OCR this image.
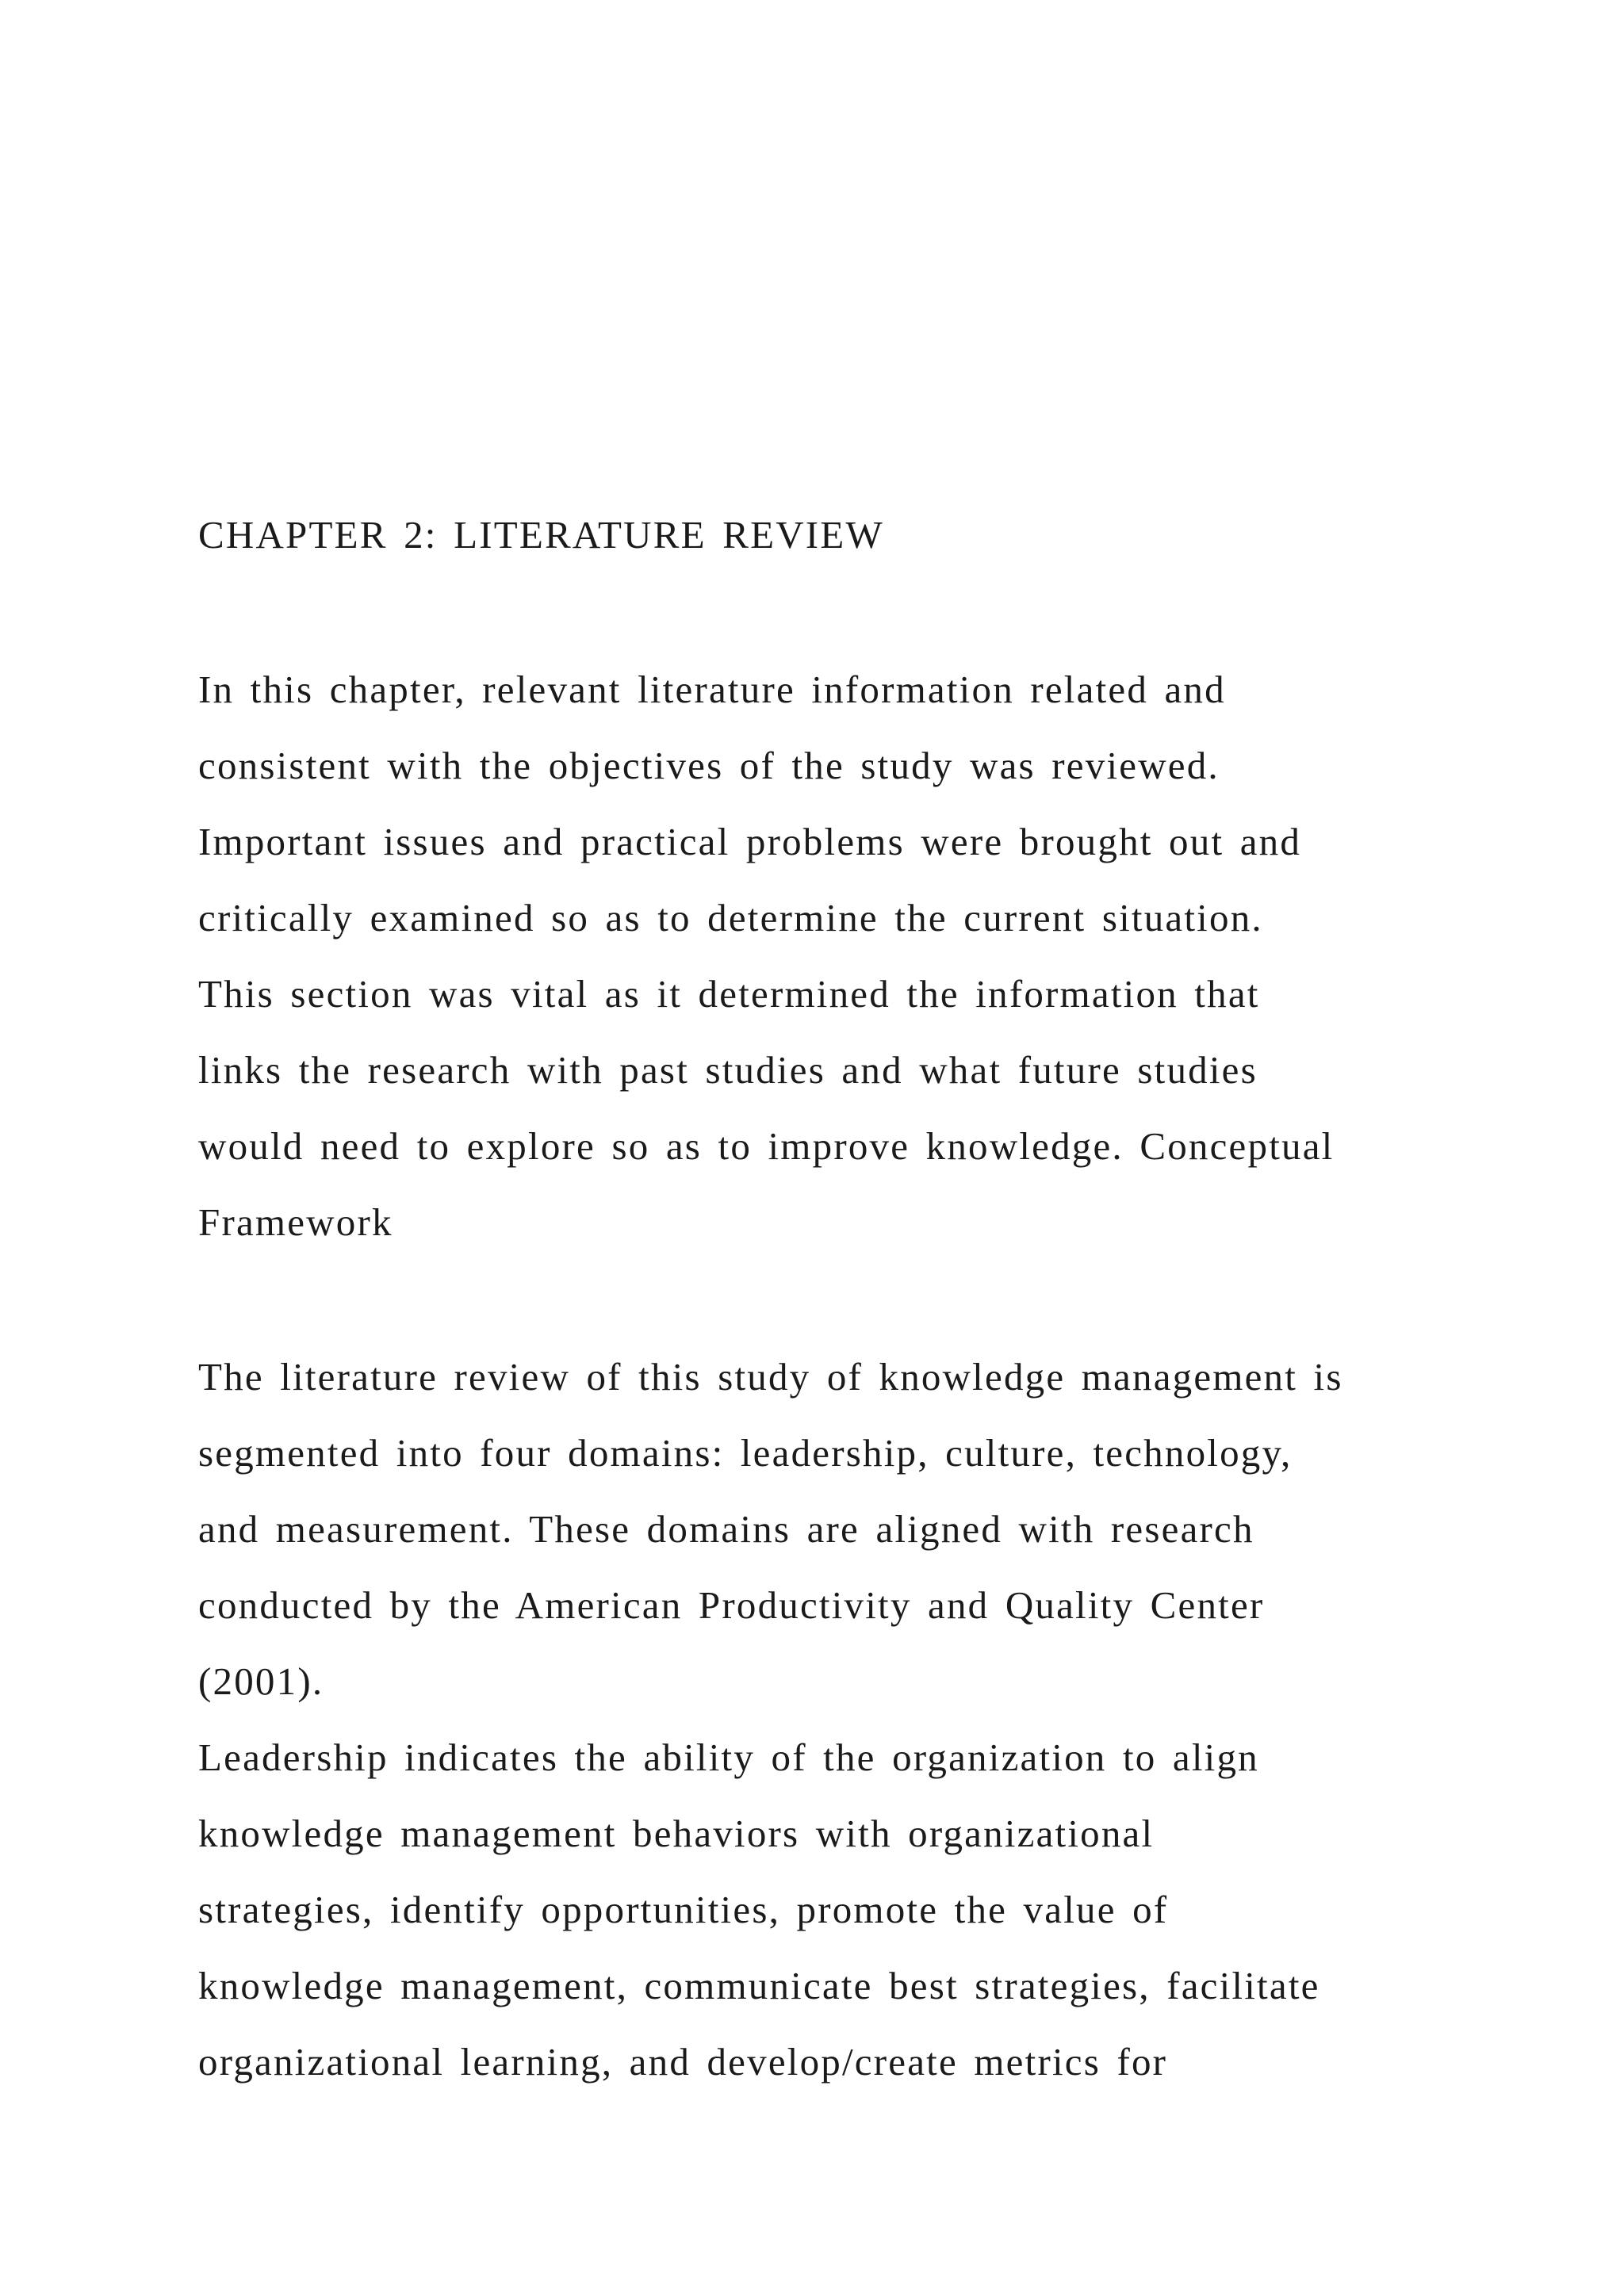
CHAPTER 2: LITERATURE REVIEW
In this chapter, relevant literature information related and
consistent with the objectives of the study was reviewed.
Important issues and practical problems were brought out and
critically examined so as to determine the current situation.
This section was vital as it determined the information that
links the research with past studies and what future studies
would need to explore so as to improve knowledge. Conceptual
Framework
The literature review of this study of knowledge management is
segmented into four domains: leadership, culture, technology,
and measurement. These domains are aligned with research
conducted by the American Productivity and Quality Center
(2001).
Leadership indicates the ability of the organization to align
knowledge management behaviors with organizational
strategies, identify opportunities, promote the value of
knowledge management, communicate best strategies, facilitate
organizational learning, and develop/create metrics for
